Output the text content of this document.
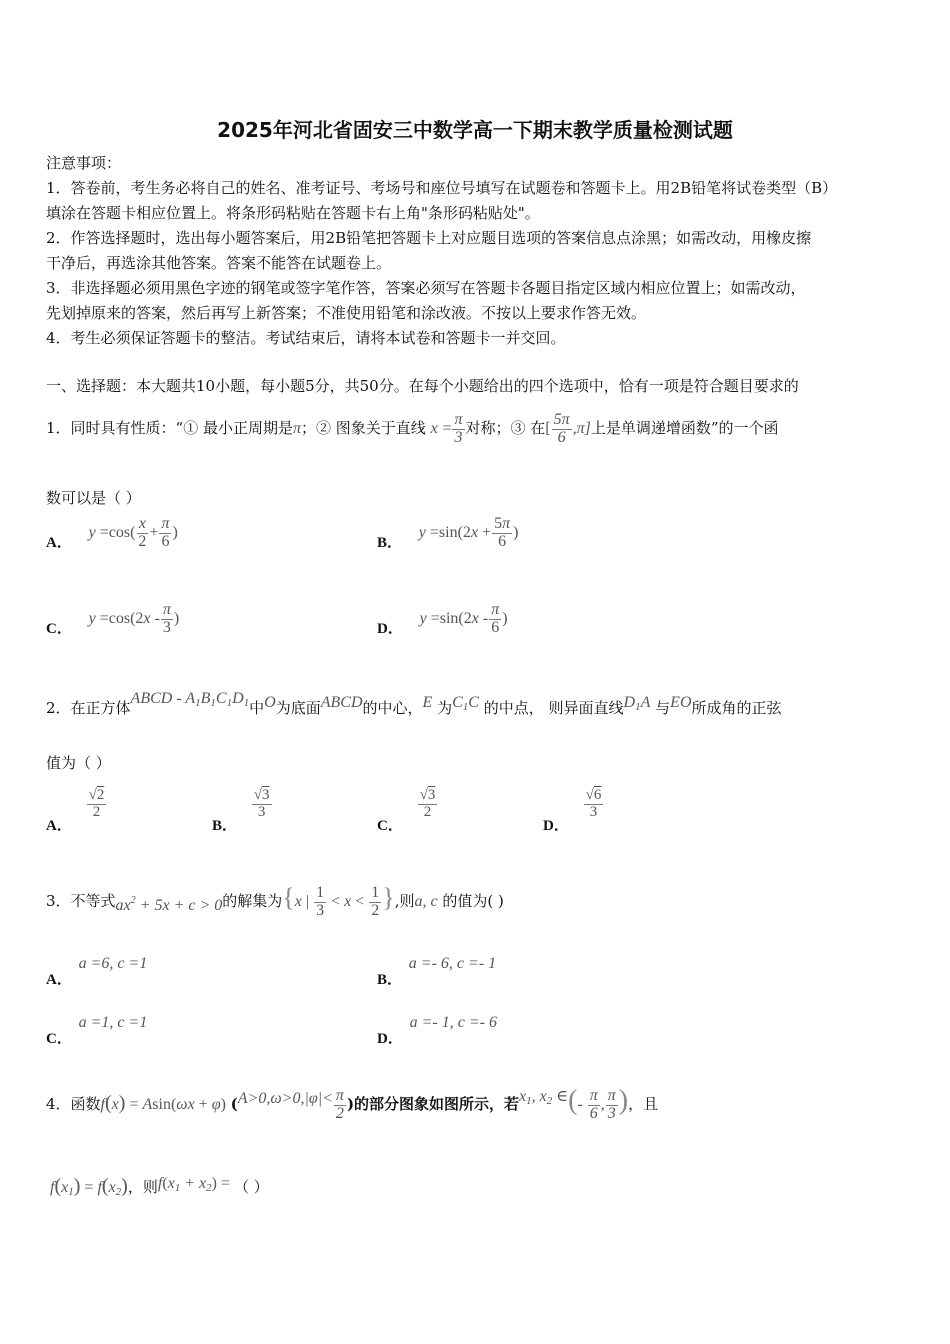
2025年河北省固安三中数学高一下期末教学质量检测试题
注意事项：
1．答卷前，考生务必将自己的姓名、准考证号、考场号和座位号填写在试题卷和答题卡上。用2B铅笔将试卷类型（B）
填涂在答题卡相应位置上。将条形码粘贴在答题卡右上角"条形码粘贴处"。
2．作答选择题时，选出每小题答案后，用2B铅笔把答题卡上对应题目选项的答案信息点涂黑；如需改动，用橡皮擦
干净后，再选涂其他答案。答案不能答在试题卷上。
3．非选择题必须用黑色字迹的钢笔或签字笔作答，答案必须写在答题卡各题目指定区域内相应位置上；如需改动，
先划掉原来的答案，然后再写上新答案；不准使用铅笔和涂改液。不按以上要求作答无效。
4．考生必须保证答题卡的整洁。考试结束后，请将本试卷和答题卡一并交回。
一、选择题：本大题共10小题，每小题5分，共50分。在每个小题给出的四个选项中，恰有一项是符合题目要求的
1．同时具有性质：“① 最小正周期是π；② 图象关于直线 $x = \frac{\pi}{3}$ 对称；③ 在[ $\frac{5\pi}{6} ,\pi$]上是单调递增函数”的一个函
数可以是（ ）
A． $y =\cos( \frac{x}{2} + \frac{\pi}{6}$ )
B． $y =\sin(2x + \frac{5\pi}{6}$ )
C． $y =\cos(2x - \frac{\pi}{3}$ )
D． $y =\sin(2x - \frac{\pi}{6}$ )
2．在正方体ABCD - A1B1C1D1中O为底面ABCD的中心，E 为C1C 的中点， 则异面直线D1A 与EO所成角的正弦
值为（ ）
A．
$\frac{√2}{2}$
B．
$\frac{√3}{3}$
C．
$\frac{√3}{2}$
D．
$\frac{√6}{3}$
3．不等式$ax^2 + 5x + c > 0$的解集为{x | $\frac{1}{3} < x < \frac{1}{2}$ },则a, c 的值为( )
A． a =6, c =1
B． a =- 6, c =- 1
C． a =1, c =1
D． a =- 1, c =- 6
4．函数f(x) = Asin(ωx + φ) ($A>0,\omega>0,|\varphi|< \frac{\pi}{2}$ )的部分图象如图所示，若x1, x2 ∈(- $\frac{\pi}{6}$ , $\frac{\pi}{3}$ )，且
f(x1) = f(x2)，则f(x1 + x2) = （ ）
